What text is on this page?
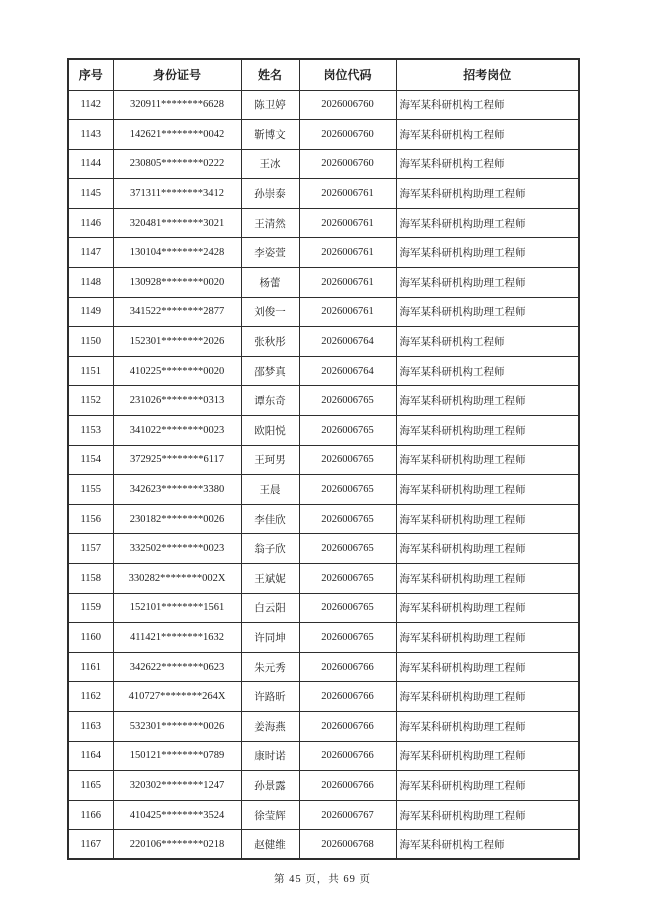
序号	身份证号	姓名	岗位代码	招考岗位
1142	320911********6628	陈卫婷	2026006760	海军某科研机构工程师
1143	142621********0042	靳博文	2026006760	海军某科研机构工程师
1144	230805********0222	王冰	2026006760	海军某科研机构工程师
1145	371311********3412	孙崇泰	2026006761	海军某科研机构助理工程师
1146	320481********3021	王清然	2026006761	海军某科研机构助理工程师
1147	130104********2428	李姿萱	2026006761	海军某科研机构助理工程师
1148	130928********0020	杨蕾	2026006761	海军某科研机构助理工程师
1149	341522********2877	刘俊一	2026006761	海军某科研机构助理工程师
1150	152301********2026	张秋彤	2026006764	海军某科研机构工程师
1151	410225********0020	邵梦真	2026006764	海军某科研机构工程师
1152	231026********0313	谭东奇	2026006765	海军某科研机构助理工程师
1153	341022********0023	欧阳悦	2026006765	海军某科研机构助理工程师
1154	372925********6117	王珂男	2026006765	海军某科研机构助理工程师
1155	342623********3380	王晨	2026006765	海军某科研机构助理工程师
1156	230182********0026	李佳欣	2026006765	海军某科研机构助理工程师
1157	332502********0023	翁子欣	2026006765	海军某科研机构助理工程师
1158	330282********002X	王斌妮	2026006765	海军某科研机构助理工程师
1159	152101********1561	白云阳	2026006765	海军某科研机构助理工程师
1160	411421********1632	许同坤	2026006765	海军某科研机构助理工程师
1161	342622********0623	朱元秀	2026006766	海军某科研机构助理工程师
1162	410727********264X	许路昕	2026006766	海军某科研机构助理工程师
1163	532301********0026	姜海燕	2026006766	海军某科研机构助理工程师
1164	150121********0789	康时诺	2026006766	海军某科研机构助理工程师
1165	320302********1247	孙景露	2026006766	海军某科研机构助理工程师
1166	410425********3524	徐莹辉	2026006767	海军某科研机构助理工程师
1167	220106********0218	赵健维	2026006768	海军某科研机构工程师
第 45 页，共 69 页
